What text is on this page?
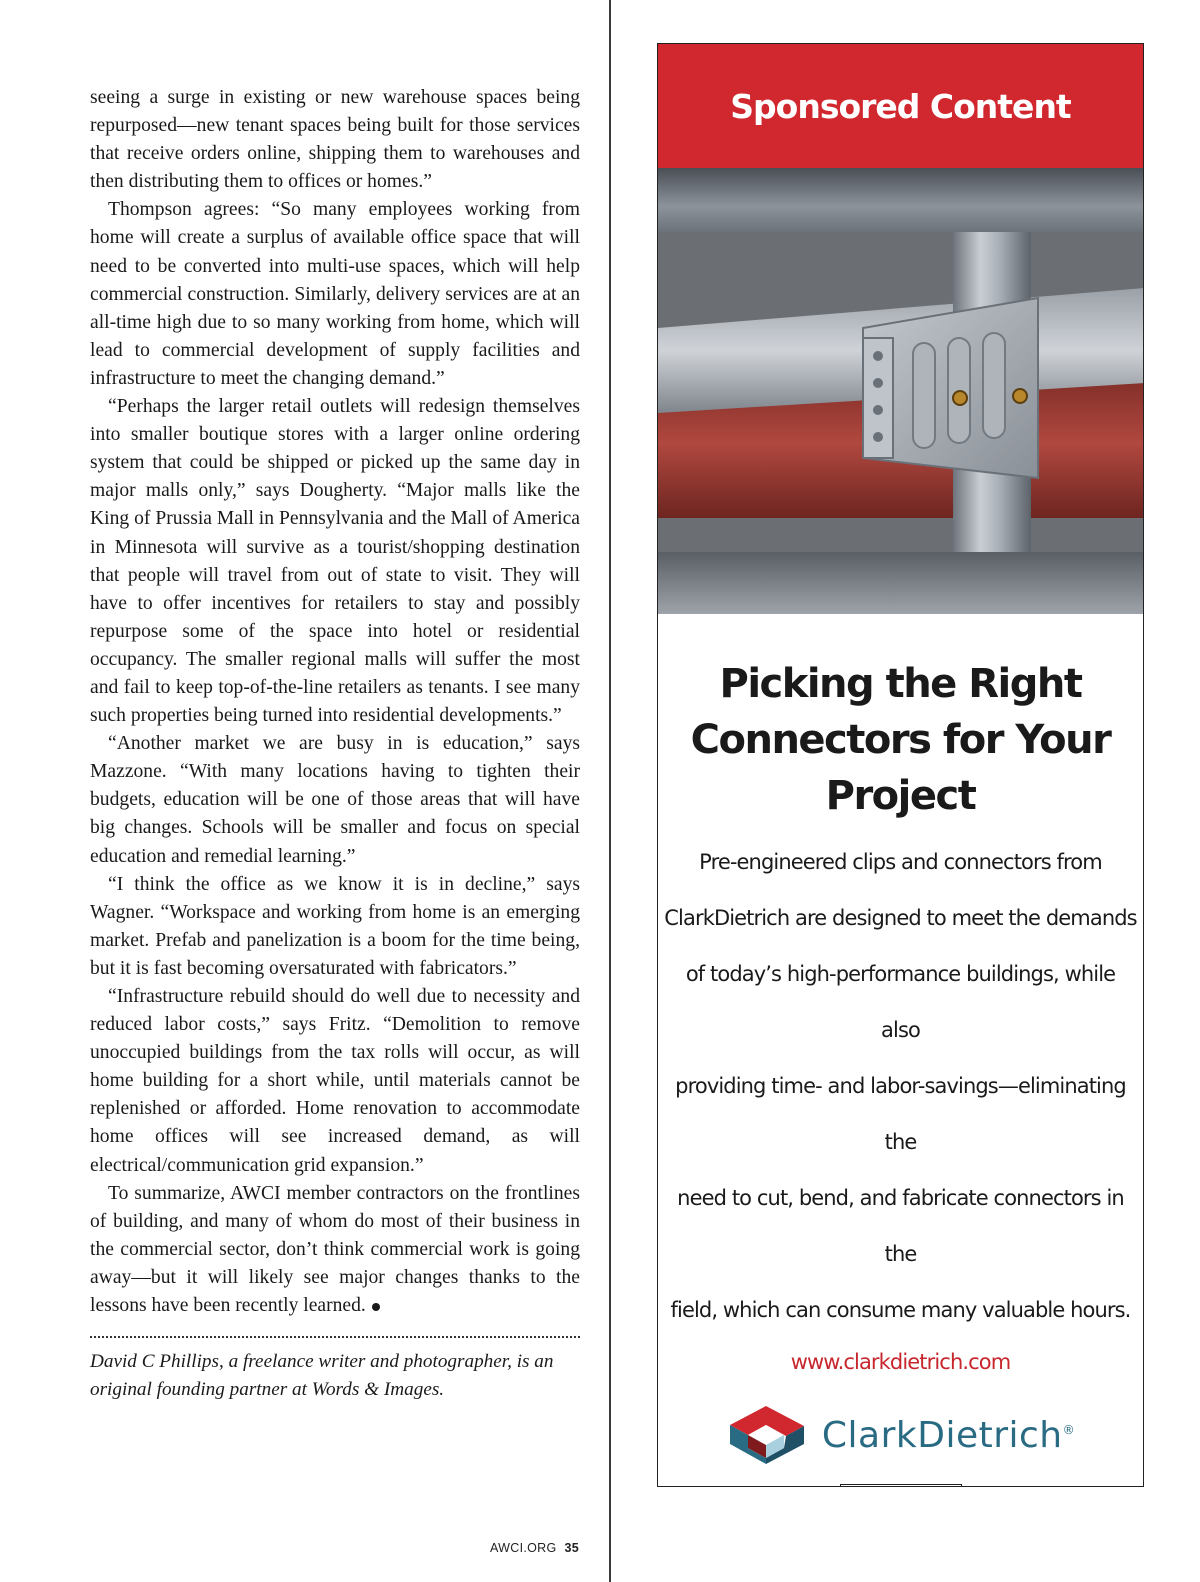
seeing a surge in existing or new warehouse spaces being repurposed—new tenant spaces being built for those services that receive orders online, shipping them to warehouses and then distributing them to offices or homes.”

Thompson agrees: “So many employees working from home will create a surplus of available office space that will need to be converted into multi-use spaces, which will help commercial construction. Similarly, delivery services are at an all-time high due to so many working from home, which will lead to commercial development of supply facilities and infrastructure to meet the changing demand.”

“Perhaps the larger retail outlets will redesign themselves into smaller boutique stores with a larger online ordering system that could be shipped or picked up the same day in major malls only,” says Dougherty. “Major malls like the King of Prussia Mall in Pennsylvania and the Mall of America in Minnesota will survive as a tourist/shopping destination that people will travel from out of state to visit. They will have to offer incentives for retailers to stay and possibly repurpose some of the space into hotel or residential occupancy. The smaller regional malls will suffer the most and fail to keep top-of-the-line retailers as tenants. I see many such properties being turned into residential developments.”

“Another market we are busy in is education,” says Mazzone. “With many locations having to tighten their budgets, education will be one of those areas that will have big changes. Schools will be smaller and focus on special education and remedial learning.”

“I think the office as we know it is in decline,” says Wagner. “Workspace and working from home is an emerging market. Prefab and panelization is a boom for the time being, but it is fast becoming oversaturated with fabricators.”

“Infrastructure rebuild should do well due to necessity and reduced labor costs,” says Fritz. “Demolition to remove unoccupied buildings from the tax rolls will occur, as will home building for a short while, until materials cannot be replenished or afforded. Home renovation to accommodate home offices will see increased demand, as will electrical/communication grid expansion.”

To summarize, AWCI member contractors on the frontlines of building, and many of whom do most of their business in the commercial sector, don’t think commercial work is going away—but it will likely see major changes thanks to the lessons have been recently learned.

David C Phillips, a freelance writer and photographer, is an original founding partner at Words & Images.

AWCI.ORG 35
Sponsored Content
Picking the Right
Connectors for Your
Project
Pre-engineered clips and connectors from
ClarkDietrich are designed to meet the demands
of today’s high-performance buildings, while also
providing time- and labor-savings—eliminating the
need to cut, bend, and fabricate connectors in the
field, which can consume many valuable hours.
www.clarkdietrich.com
ClarkDietrich®
